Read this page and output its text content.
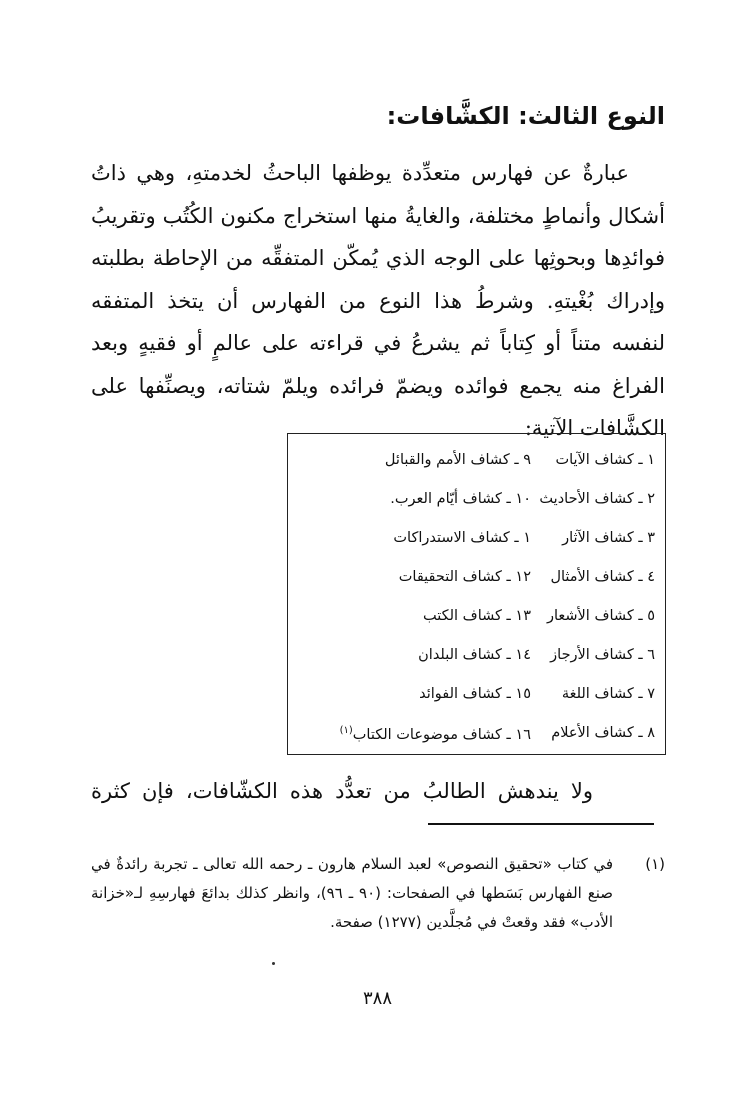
النوع الثالث: الكشَّافات:

عبارةٌ عن فهارس متعدِّدة يوظفها الباحثُ لخدمتهِ، وهي ذاتُ أشكال وأنماطٍ مختلفة، والغايةُ منها استخراج مكنون الكُتُب وتقريبُ فوائدِها وبحوثِها على الوجه الذي يُمكّن المتفقِّه من الإحاطة بطلبته وإدراك بُغْيتهِ. وشرطُ هذا النوع من الفهارس أن يتخذ المتفقه لنفسه متناً أو كِتاباً ثم يشرعُ في قراءته على عالمٍ أو فقيهٍ وبعد الفراغ منه يجمع فوائده ويضمّ فرائده ويلمّ شتاته، ويصنِّفها على الكشَّافات الآتية:

١ ـ كشاف الآيات
٩ ـ كشاف الأمم والقبائل
٢ ـ كشاف الأحاديث
١٠ ـ كشاف أيّام العرب.
٣ ـ كشاف الآثار
١ ـ كشاف الاستدراكات
٤ ـ كشاف الأمثال
١٢ ـ كشاف التحقيقات
٥ ـ كشاف الأشعار
١٣ ـ كشاف الكتب
٦ ـ كشاف الأرجاز
١٤ ـ كشاف البلدان
٧ ـ كشاف اللغة
١٥ ـ كشاف الفوائد
٨ ـ كشاف الأعلام
١٦ ـ كشاف موضوعات الكتاب$^{(١)}$
ولا يندهش الطالبُ من تعدُّد هذه الكشّافات، فإن كثرة
(١)
في كتاب «تحقيق النصوص» لعبد السلام هارون ـ رحمه الله تعالى ـ تجربة رائدةٌ في صنع الفهارس بَسَطها في الصفحات: (٩٠ ـ ٩٦)، وانظر كذلك بدائعَ فهارسِهِ لـ«خزانة الأدب» فقد وقعتْ في مُجلَّدين (١٢٧٧) صفحة.
٣٨٨
